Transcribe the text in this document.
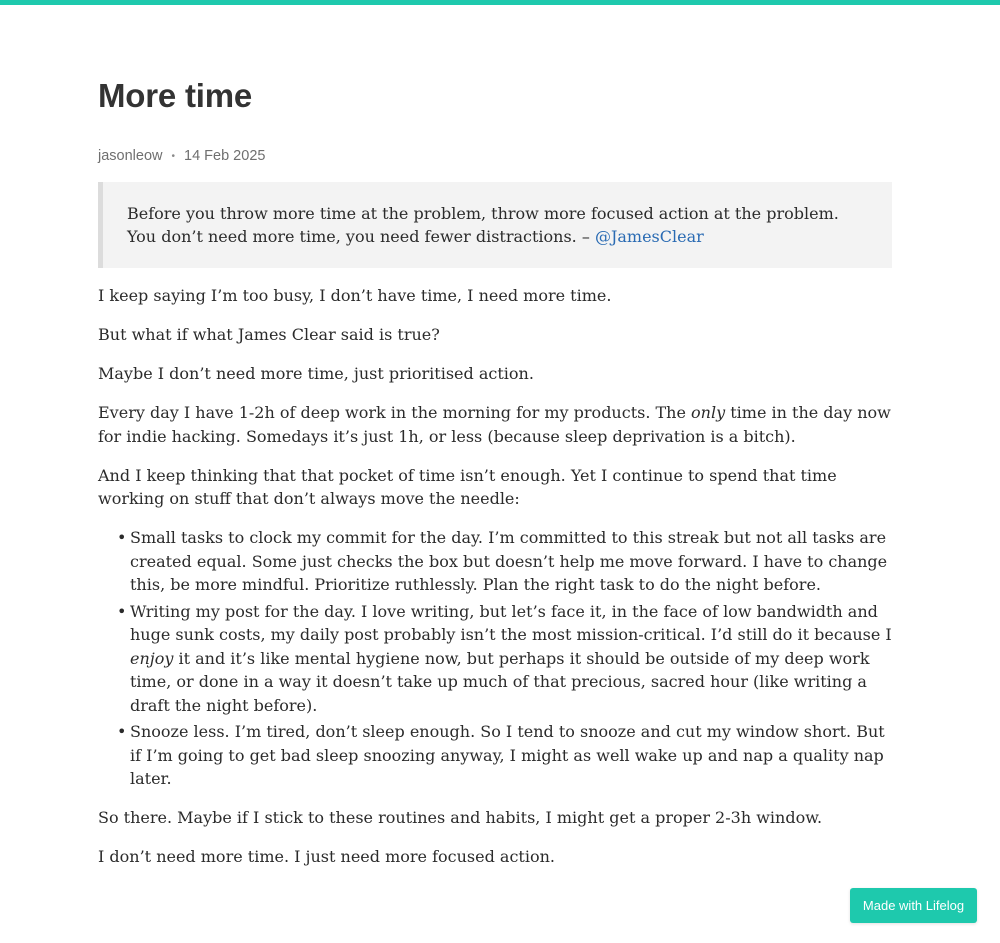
More time
jasonleow • 14 Feb 2025
Before you throw more time at the problem, throw more focused action at the problem. You don’t need more time, you need fewer distractions. – @JamesClear

I keep saying I’m too busy, I don’t have time, I need more time.

But what if what James Clear said is true?

Maybe I don’t need more time, just prioritised action.

Every day I have 1-2h of deep work in the morning for my products. The only time in the day now for indie hacking. Somedays it’s just 1h, or less (because sleep deprivation is a bitch).

And I keep thinking that that pocket of time isn’t enough. Yet I continue to spend that time working on stuff that don’t always move the needle:

• Small tasks to clock my commit for the day. I’m committed to this streak but not all tasks are created equal. Some just checks the box but doesn’t help me move forward. I have to change this, be more mindful. Prioritize ruthlessly. Plan the right task to do the night before.
• Writing my post for the day. I love writing, but let’s face it, in the face of low bandwidth and huge sunk costs, my daily post probably isn’t the most mission-critical. I’d still do it because I enjoy it and it’s like mental hygiene now, but perhaps it should be outside of my deep work time, or done in a way it doesn’t take up much of that precious, sacred hour (like writing a draft the night before).
• Snooze less. I’m tired, don’t sleep enough. So I tend to snooze and cut my window short. But if I’m going to get bad sleep snoozing anyway, I might as well wake up and nap a quality nap later.

So there. Maybe if I stick to these routines and habits, I might get a proper 2-3h window.

I don’t need more time. I just need more focused action.

Made with Lifelog
